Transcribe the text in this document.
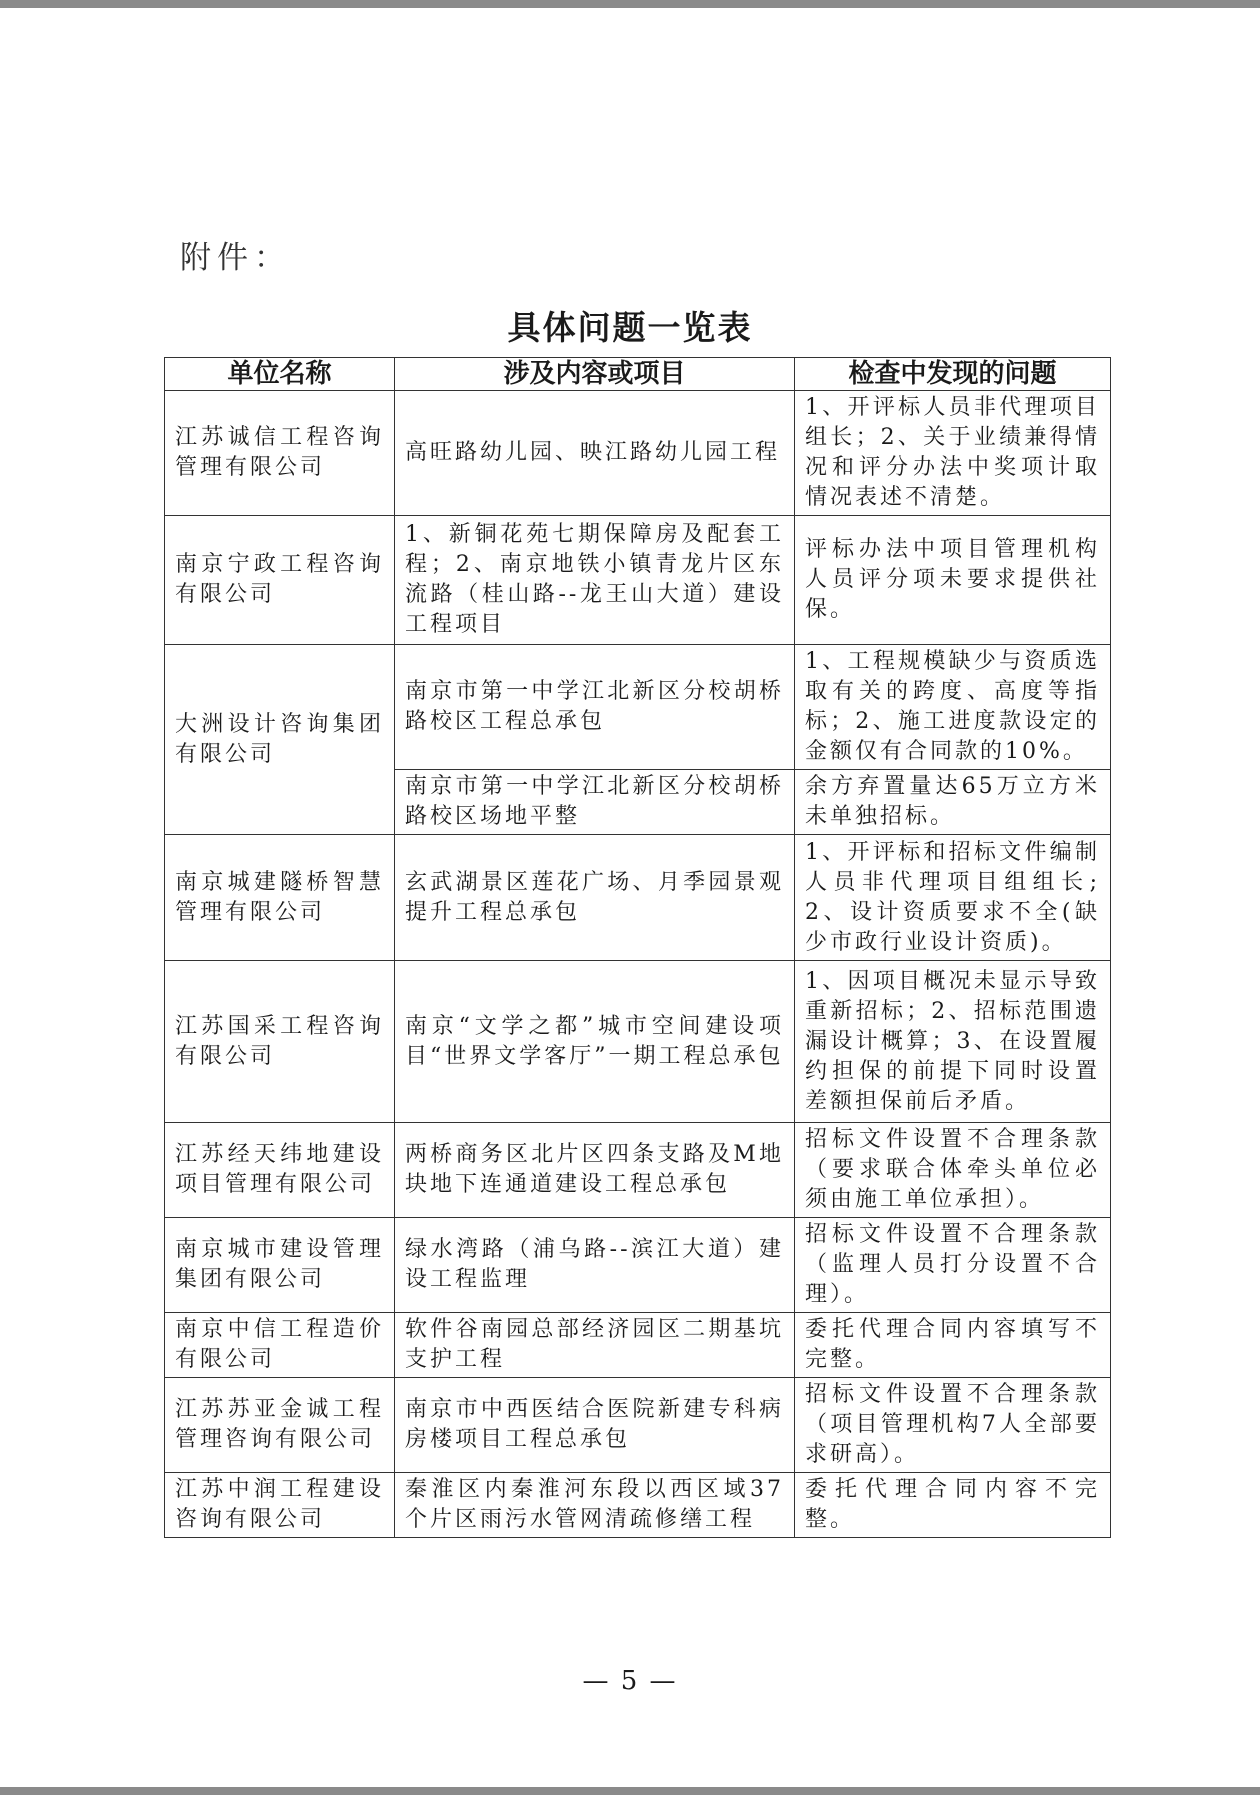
附件：
具体问题一览表
单位名称	涉及内容或项目	检查中发现的问题
江苏诚信工程咨询管理有限公司	高旺路幼儿园、映江路幼儿园工程	1、开评标人员非代理项目组长；2、关于业绩兼得情况和评分办法中奖项计取情况表述不清楚。
南京宁政工程咨询有限公司	1、新铜花苑七期保障房及配套工程；2、南京地铁小镇青龙片区东流路（桂山路--龙王山大道）建设工程项目	评标办法中项目管理机构人员评分项未要求提供社保。
大洲设计咨询集团有限公司	南京市第一中学江北新区分校胡桥路校区工程总承包	1、工程规模缺少与资质选取有关的跨度、高度等指标；2、施工进度款设定的金额仅有合同款的10%。
	南京市第一中学江北新区分校胡桥路校区场地平整	余方弃置量达65万立方米未单独招标。
南京城建隧桥智慧管理有限公司	玄武湖景区莲花广场、月季园景观提升工程总承包	1、开评标和招标文件编制人员非代理项目组组长;2、设计资质要求不全(缺少市政行业设计资质)。
江苏国采工程咨询有限公司	南京“文学之都”城市空间建设项目“世界文学客厅”一期工程总承包	1、因项目概况未显示导致重新招标；2、招标范围遗漏设计概算；3、在设置履约担保的前提下同时设置差额担保前后矛盾。
江苏经天纬地建设项目管理有限公司	两桥商务区北片区四条支路及M地块地下连通道建设工程总承包	招标文件设置不合理条款（要求联合体牵头单位必须由施工单位承担）。
南京城市建设管理集团有限公司	绿水湾路（浦乌路--滨江大道）建设工程监理	招标文件设置不合理条款（监理人员打分设置不合理）。
南京中信工程造价有限公司	软件谷南园总部经济园区二期基坑支护工程	委托代理合同内容填写不完整。
江苏苏亚金诚工程管理咨询有限公司	南京市中西医结合医院新建专科病房楼项目工程总承包	招标文件设置不合理条款（项目管理机构7人全部要求研高）。
江苏中润工程建设咨询有限公司	秦淮区内秦淮河东段以西区域37个片区雨污水管网清疏修缮工程	委托代理合同内容不完整。
— 5 —
